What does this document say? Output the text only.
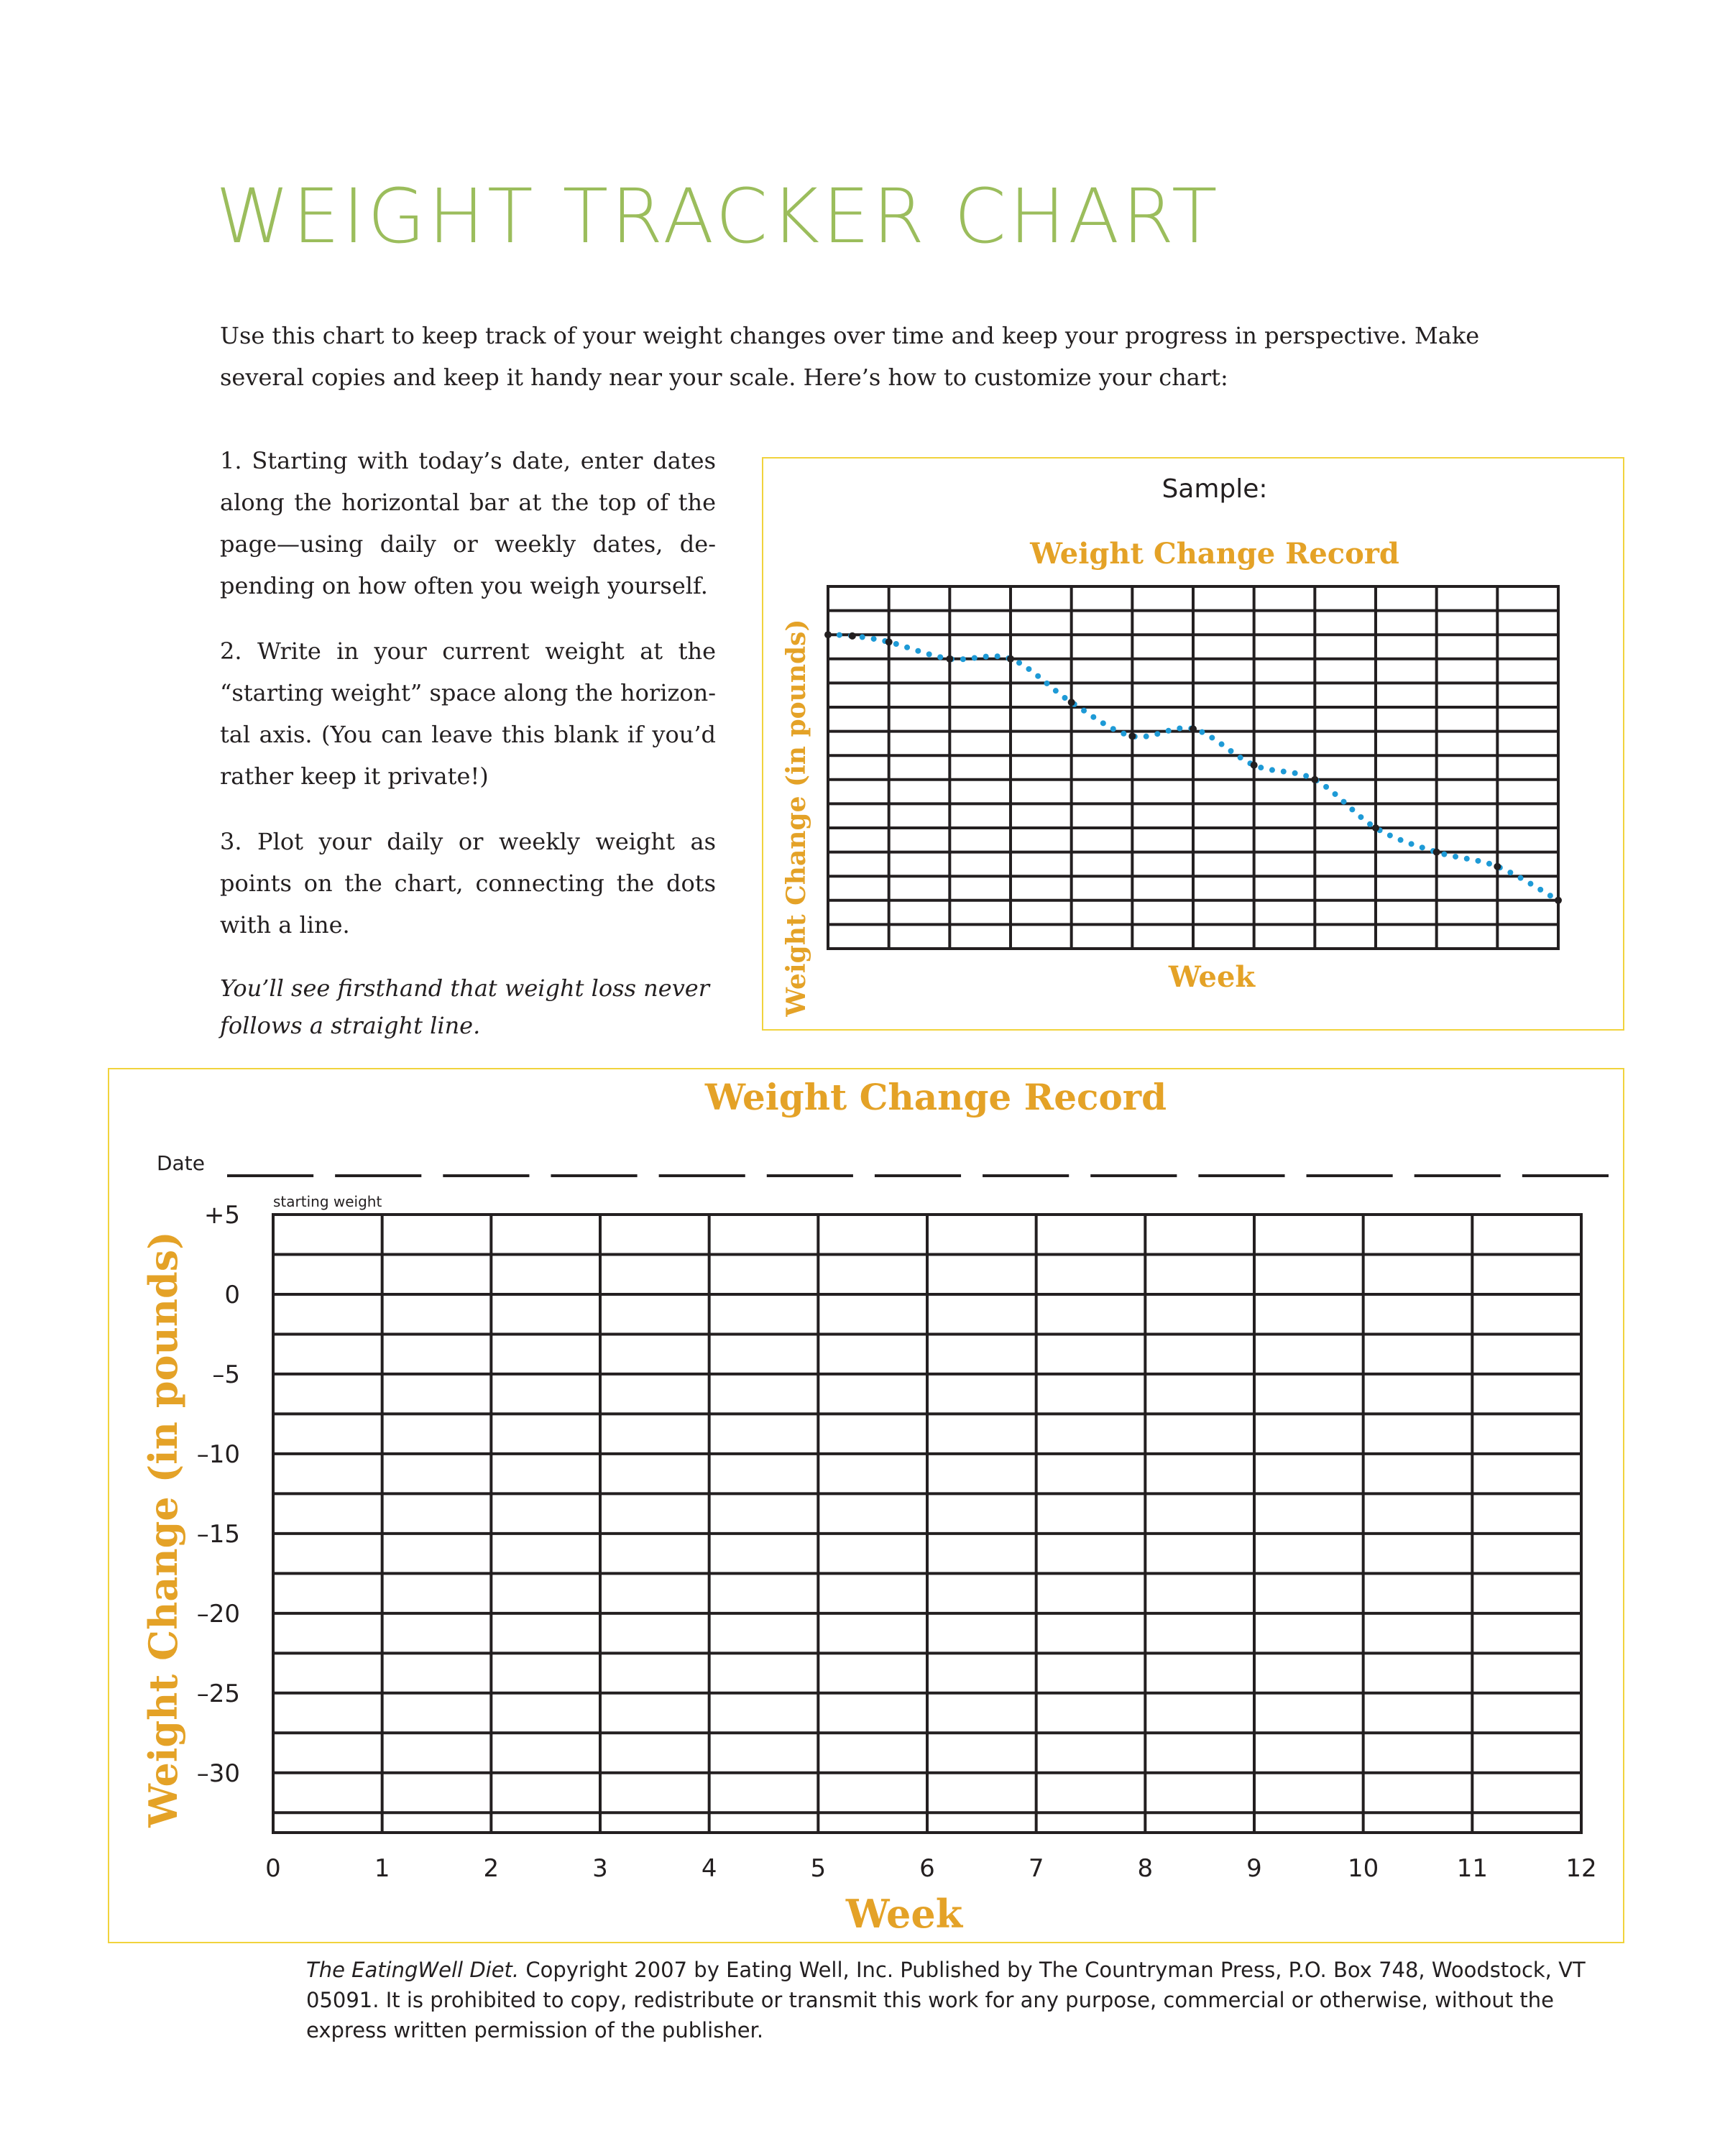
WEIGHT TRACKER CHART

Use this chart to keep track of your weight changes over time and keep your progress in perspective. Make several copies and keep it handy near your scale. Here’s how to customize your chart:

1. Starting with today’s date, enter dates along the horizontal bar at the top of the page—using daily or weekly dates, de-pending on how often you weigh yourself.

2. Write in your current weight at the “starting weight” space along the horizon-tal axis. (You can leave this blank if you’d rather keep it private!)

3. Plot your daily or weekly weight as points on the chart, connecting the dots with a line.

You’ll see firsthand that weight loss never follows a straight line.

Sample:
Weight Change Record
Weight Change (in pounds)	Week
Weight Change Record
Date
starting weight
Weight Change (in pounds)
Week
+5
0
–5
–10
–15
–20
–25
–30
0	1	2	3	4	5	6	7	8	9	10	11	12

The EatingWell Diet. Copyright 2007 by Eating Well, Inc. Published by The Countryman Press, P.O. Box 748, Woodstock, VT 05091. It is prohibited to copy, redistribute or transmit this work for any purpose, commercial or otherwise, without the express written permission of the publisher.
